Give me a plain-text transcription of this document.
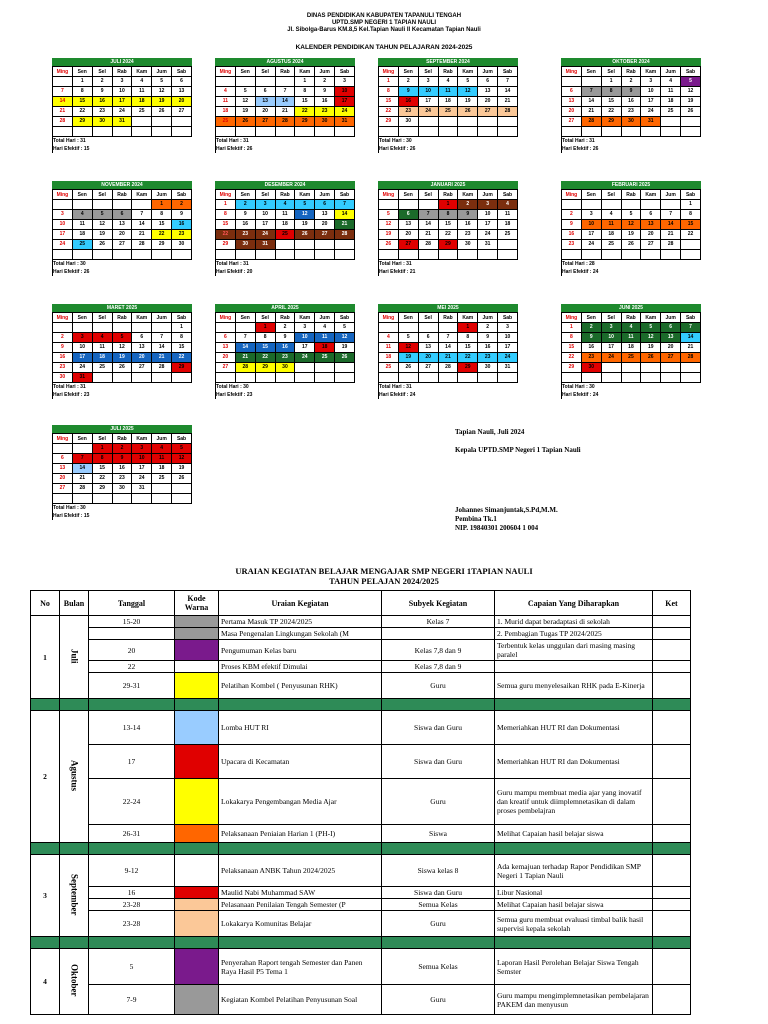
DINAS PENDIDIKAN KABUPATEN TAPANULI TENGAH
UPTD.SMP NEGERI 1 TAPIAN NAULI
Jl. Sibolga-Barus KM.8,5 Kel.Tapian Nauli II Kecamatan Tapian Nauli
KALENDER PENDIDIKAN TAHUN PELAJARAN 2024-2025
JULI 2024
Ming	Sen	Sel	Rab	Kam	Jum	Sab
	1	2	3	4	5	6
7	8	9	10	11	12	13
14	15	16	17	18	19	20
21	22	23	24	25	26	27
28	29	30	31			

Total Hari : 31
Hari Efektif : 15
AGUSTUS 2024
Ming	Sen	Sel	Rab	Kam	Jum	Sab
				1	2	3
4	5	6	7	8	9	10
11	12	13	14	15	16	17
18	19	20	21	22	23	24
25	26	27	28	29	30	31

Total Hari : 31
Hari Efektif : 26
SEPTEMBER 2024
Ming	Sen	Sel	Rab	Kam	Jum	Sab
1	2	3	4	5	6	7
8	9	10	11	12	13	14
15	16	17	18	19	20	21
22	23	24	25	26	27	28
29	30					

Total Hari : 30
Hari Efektif : 26
OKTOBER 2024
Ming	Sen	Sel	Rab	Kam	Jum	Sab
		1	2	3	4	5
6	7	8	9	10	11	12
13	14	15	16	17	18	19
20	21	22	23	24	25	26
27	28	29	30	31		

Total Hari : 31
Hari Efektif : 26
NOVEMBER 2024
Ming	Sen	Sel	Rab	Kam	Jum	Sab
					1	2
3	4	5	6	7	8	9
10	11	12	13	14	15	16
17	18	19	20	21	22	23
24	25	26	27	28	29	30

Total Hari : 30
Hari Efektif : 26
DESEMBER 2024
Ming	Sen	Sel	Rab	Kam	Jum	Sab
1	2	3	4	5	6	7
8	9	10	11	12	13	14
15	16	17	18	19	20	21
22	23	24	25	26	27	28
29	30	31				

Total Hari : 31
Hari Efektif : 20
JANUARI 2025
Ming	Sen	Sel	Rab	Kam	Jum	Sab
			1	2	3	4
5	6	7	8	9	10	11
12	13	14	15	16	17	18
19	20	21	22	23	24	25
26	27	28	29	30	31	

Total Hari : 31
Hari Efektif : 21
FEBRUARI 2025
Ming	Sen	Sel	Rab	Kam	Jum	Sab
						1
2	3	4	5	6	7	8
9	10	11	12	13	14	15
16	17	18	19	20	21	22
23	24	25	26	27	28	

Total Hari : 28
Hari Efektif : 24
MARET 2025
Ming	Sen	Sel	Rab	Kam	Jum	Sab
						1
2	3	4	5	6	7	8
9	10	11	12	13	14	15
16	17	18	19	20	21	22
23	24	25	26	27	28	29
30	31					
Total Hari : 31
Hari Efektif : 23
APRIL 2025
Ming	Sen	Sel	Rab	Kam	Jum	Sab
		1	2	3	4	5
6	7	8	9	10	11	12
13	14	15	16	17	18	19
20	21	22	23	24	25	26
27	28	29	30			

Total Hari : 30
Hari Efektif : 23
MEI 2025
Ming	Sen	Sel	Rab	Kam	Jum	Sab
				1	2	3
4	5	6	7	8	9	10
11	12	13	14	15	16	17
18	19	20	21	22	23	24
25	26	27	28	29	30	31

Total Hari : 31
Hari Efektif : 24
JUNI 2025
Ming	Sen	Sel	Rab	Kam	Jum	Sab
1	2	3	4	5	6	7
8	9	10	11	12	13	14
15	16	17	18	19	20	21
22	23	24	25	26	27	28
29	30					

Total Hari : 30
Hari Efektif : 24
JULI 2025
Ming	Sen	Sel	Rab	Kam	Jum	Sab
		1	2	3	4	5
6	7	8	9	10	11	12
13	14	15	16	17	18	19
20	21	22	23	24	25	26
27	28	29	30	31		

Total Hari : 30
Hari Efektif : 15
Tapian Nauli, Juli 2024
Kepala UPTD.SMP Negeri 1 Tapian Nauli
Johannes Simanjuntak,S.Pd,M.M.
Pembina Tk.1
NIP. 19840301 200604 1 004
URAIAN KEGIATAN BELAJAR MENGAJAR SMP NEGERI 1TAPIAN NAULI
TAHUN PELAJAN 2024/2025
No	Bulan	Tanggal	Kode Warna	Uraian Kegiatan	Subyek Kegiatan	Capaian Yang Diharapkan	Ket
1	Juli	15-20		Pertama Masuk TP 2024/2025	Kelas 7	1. Murid dapat beradaptasi di sekolah	
				Masa Pengenalan Lingkungan Sekolah (M		2. Pembagian Tugas TP 2024/2025	
		20		Pengumuman Kelas baru	Kelas 7,8 dan 9	Terbentuk kelas unggulan dari masing masing paralel	
		22		Proses KBM efektif Dimulai	Kelas 7,8 dan 9		
		29-31		Pelatihan Kombel ( Penyusunan RHK)	Guru	Semua guru menyelesaikan RHK pada E-Kinerja	

2	Agustus	13-14		Lomba HUT RI	Siswa dan Guru	Memeriahkan HUT RI dan Dokumentasi	
		17		Upacara di Kecamatan	Siswa dan Guru	Memeriahkan HUT RI dan Dokumentasi	
		22-24		Lokakarya Pengembangan Media Ajar	Guru	Guru mampu membuat media ajar yang inovatif dan kreatif untuk diimplemnetasikan di dalam proses pembelajran	
		26-31		Pelaksanaan Peniaian Harian 1 (PH-I)	Siswa	Melihat Capaian hasil belajar siswa	

3	September	9-12		Pelaksanaan ANBK Tahun 2024/2025	Siswa kelas 8	Ada kemajuan terhadap Rapor Pendidikan SMP Negeri 1 Tapian Nauli	
		16		Maulid Nabi Muhammad SAW	Siswa dan Guru	Libur Nasional	
		23-28		Pelasanaan Penilaian Tengah Semester (P	Semua Kelas	Melihat Capaian hasil belajar siswa	
		23-28		Lokakarya Komunitas Belajar	Guru	Semua guru membuat evaluasi timbal balik hasil supervisi kepala sekolah	

4	Oktober	5		Penyerahan Raport tengah Semester dan Panen Raya Hasil P5 Tema 1	Semua Kelas	Laporan Hasil Perolehan Belajar Siswa Tengah Semster	
		7-9		Kegiatan Kombel Pelatihan Penyusunan Soal	Guru	Guru mampu mengimplemnetasikan pembelajaran PAKEM dan menyusun	
